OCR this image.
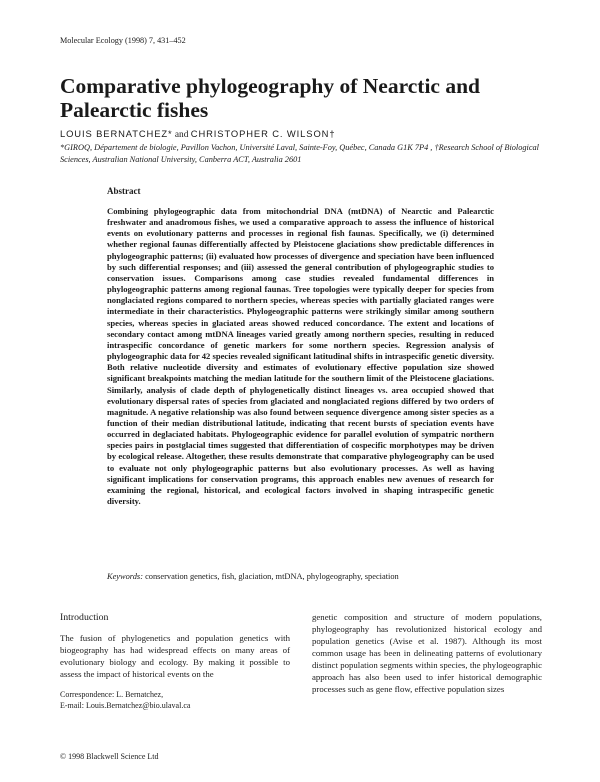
Molecular Ecology (1998) 7, 431–452
Comparative phylogeography of Nearctic and Palearctic fishes
LOUIS BERNATCHEZ* and CHRISTOPHER C. WILSON†

*GIROQ, Département de biologie, Pavillon Vachon, Université Laval, Sainte-Foy, Québec, Canada G1K 7P4 , †Research School of Biological Sciences, Australian National University, Canberra ACT, Australia 2601

Abstract

Combining phylogeographic data from mitochondrial DNA (mtDNA) of Nearctic and Palearctic freshwater and anadromous fishes, we used a comparative approach to assess the influence of historical events on evolutionary patterns and processes in regional fish faunas. Specifically, we (i) determined whether regional faunas differentially affected by Pleistocene glaciations show predictable differences in phylogeographic patterns; (ii) evaluated how processes of divergence and speciation have been influenced by such differential responses; and (iii) assessed the general contribution of phylogeographic studies to conservation issues. Comparisons among case studies revealed fundamental differences in phylogeographic patterns among regional faunas. Tree topologies were typically deeper for species from nonglaciated regions compared to northern species, whereas species with partially glaciated ranges were intermediate in their characteristics. Phylogeographic patterns were strikingly similar among southern species, whereas species in glaciated areas showed reduced concordance. The extent and locations of secondary contact among mtDNA lineages varied greatly among northern species, resulting in reduced intraspecific concordance of genetic markers for some northern species. Regression analysis of phylogeographic data for 42 species revealed significant latitudinal shifts in intraspecific genetic diversity. Both relative nucleotide diversity and estimates of evolutionary effective population size showed significant breakpoints matching the median latitude for the southern limit of the Pleistocene glaciations. Similarly, analysis of clade depth of phylogenetically distinct lineages vs. area occupied showed that evolutionary dispersal rates of species from glaciated and nonglaciated regions differed by two orders of magnitude. A negative relationship was also found between sequence divergence among sister species as a function of their median distributional latitude, indicating that recent bursts of speciation events have occurred in deglaciated habitats. Phylogeographic evidence for parallel evolution of sympatric northern species pairs in postglacial times suggested that differentiation of cospecific morphotypes may be driven by ecological release. Altogether, these results demonstrate that comparative phylogeography can be used to evaluate not only phylogeographic patterns but also evolutionary processes. As well as having significant implications for conservation programs, this approach enables new avenues of research for examining the regional, historical, and ecological factors involved in shaping intraspecific genetic diversity.

Keywords: conservation genetics, fish, glaciation, mtDNA, phylogeography, speciation

Introduction

The fusion of phylogenetics and population genetics with biogeography has had widespread effects on many areas of evolutionary biology and ecology. By making it possible to assess the impact of historical events on the

genetic composition and structure of modern populations, phylogeography has revolutionized historical ecology and population genetics (Avise et al. 1987). Although its most common usage has been in delineating patterns of evolutionary distinct population segments within species, the phylogeographic approach has also been used to infer historical demographic processes such as gene flow, effective population sizes

Correspondence: L. Bernatchez,
E-mail: Louis.Bernatchez@bio.ulaval.ca

© 1998 Blackwell Science Ltd
